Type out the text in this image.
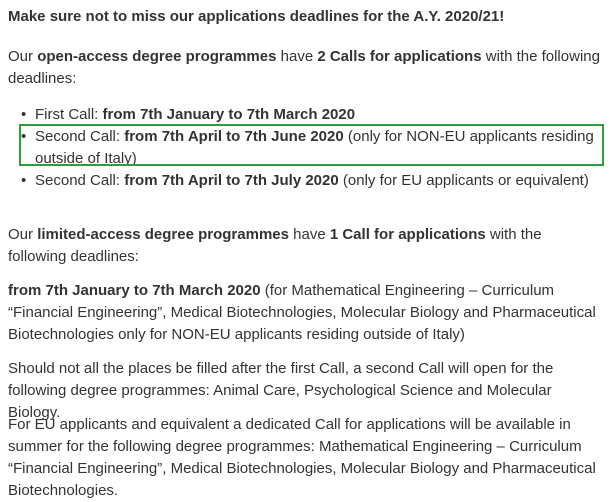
Make sure not to miss our applications deadlines for the A.Y. 2020/21!
Our open-access degree programmes have 2 Calls for applications with the following deadlines:
• First Call: from 7th January to 7th March 2020
• Second Call: from 7th April to 7th June 2020 (only for NON-EU applicants residing outside of Italy)
• Second Call: from 7th April to 7th July 2020 (only for EU applicants or equivalent)
Our limited-access degree programmes have 1 Call for applications with the following deadlines:
from 7th January to 7th March 2020 (for Mathematical Engineering – Curriculum “Financial Engineering”, Medical Biotechnologies, Molecular Biology and Pharmaceutical Biotechnologies only for NON-EU applicants residing outside of Italy)
Should not all the places be filled after the first Call, a second Call will open for the following degree programmes: Animal Care, Psychological Science and Molecular Biology.
For EU applicants and equivalent a dedicated Call for applications will be available in summer for the following degree programmes: Mathematical Engineering – Curriculum “Financial Engineering”, Medical Biotechnologies, Molecular Biology and Pharmaceutical Biotechnologies.
